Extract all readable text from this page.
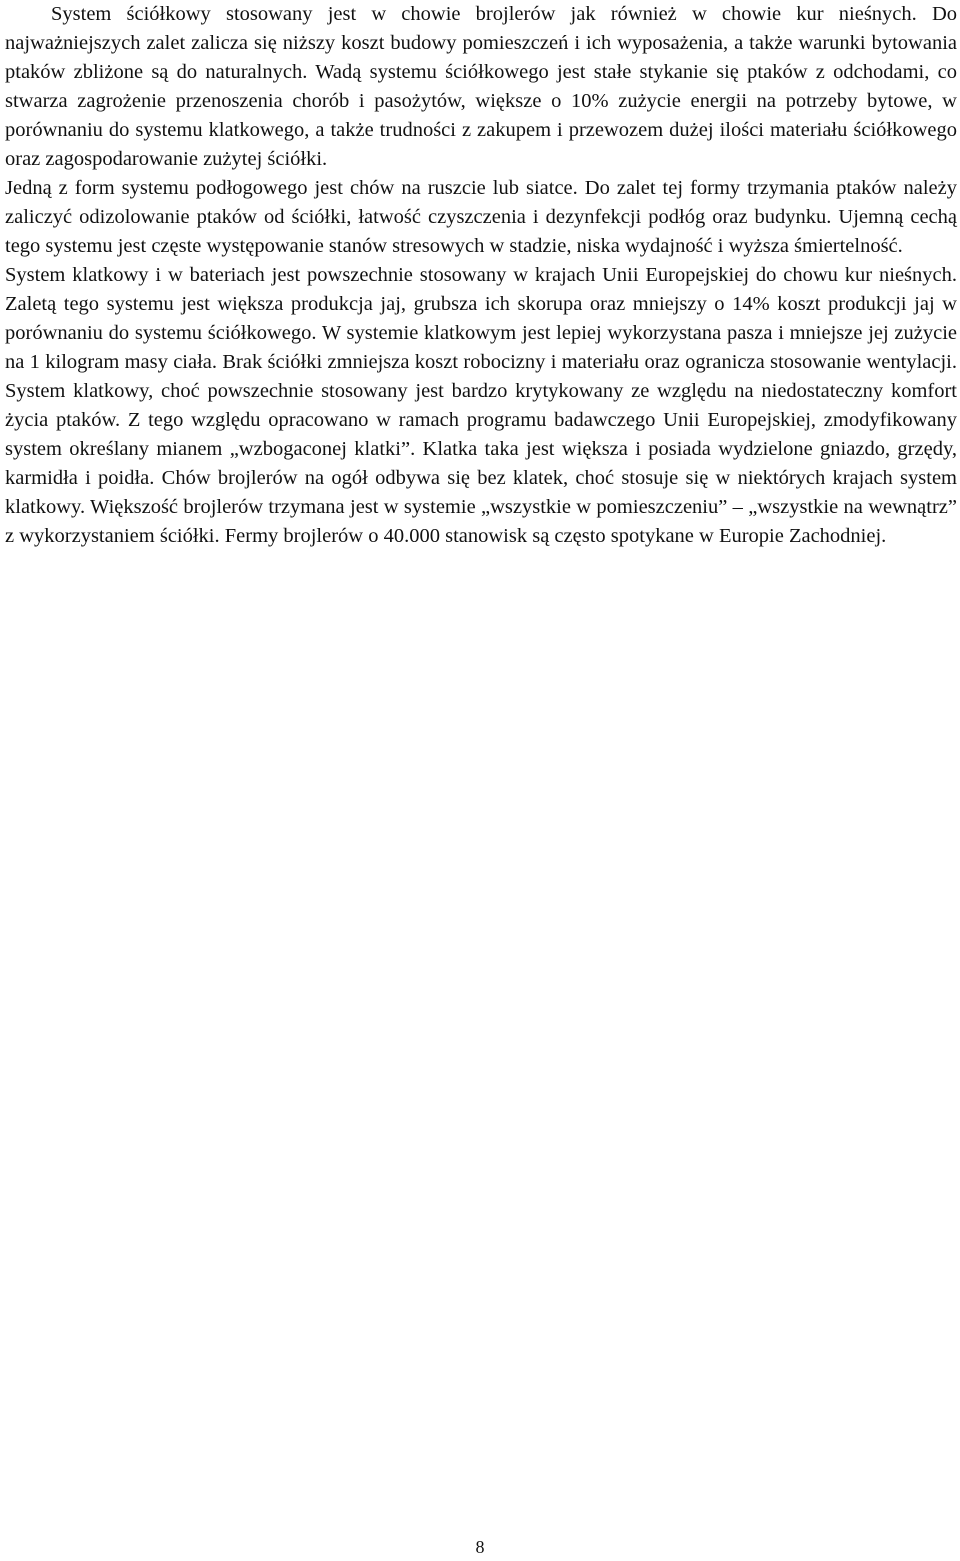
System ściółkowy stosowany jest w chowie brojlerów jak również w chowie kur nieśnych. Do najważniejszych zalet zalicza się niższy koszt budowy pomieszczeń i ich wyposażenia, a także warunki bytowania ptaków zbliżone są do naturalnych. Wadą systemu ściółkowego jest stałe stykanie się ptaków z odchodami, co stwarza zagrożenie przenoszenia chorób i pasożytów, większe o 10% zużycie energii na potrzeby bytowe, w porównaniu do systemu klatkowego, a także trudności z zakupem i przewozem dużej ilości materiału ściółkowego oraz zagospodarowanie zużytej ściółki.

Jedną z form systemu podłogowego jest chów na ruszcie lub siatce. Do zalet tej formy trzymania ptaków należy zaliczyć odizolowanie ptaków od ściółki, łatwość czyszczenia i dezynfekcji podłóg oraz budynku. Ujemną cechą tego systemu jest częste występowanie stanów stresowych w stadzie, niska wydajność i wyższa śmiertelność.

System klatkowy i w bateriach jest powszechnie stosowany w krajach Unii Europejskiej do chowu kur nieśnych. Zaletą tego systemu jest większa produkcja jaj, grubsza ich skorupa oraz mniejszy o 14% koszt produkcji jaj w porównaniu do systemu ściółkowego. W systemie klatkowym jest lepiej wykorzystana pasza i mniejsze jej zużycie na 1 kilogram masy ciała. Brak ściółki zmniejsza koszt robocizny i materiału oraz ogranicza stosowanie wentylacji. System klatkowy, choć powszechnie stosowany jest bardzo krytykowany ze względu na niedostateczny komfort życia ptaków. Z tego względu opracowano w ramach programu badawczego Unii Europejskiej, zmodyfikowany system określany mianem „wzbogaconej klatki”. Klatka taka jest większa i posiada wydzielone gniazdo, grzędy, karmidła i poidła. Chów brojlerów na ogół odbywa się bez klatek, choć stosuje się w niektórych krajach system klatkowy. Większość brojlerów trzymana jest w systemie „wszystkie w pomieszczeniu” – „wszystkie na wewnątrz” z wykorzystaniem ściółki. Fermy brojlerów o 40.000 stanowisk są często spotykane w Europie Zachodniej.

8
